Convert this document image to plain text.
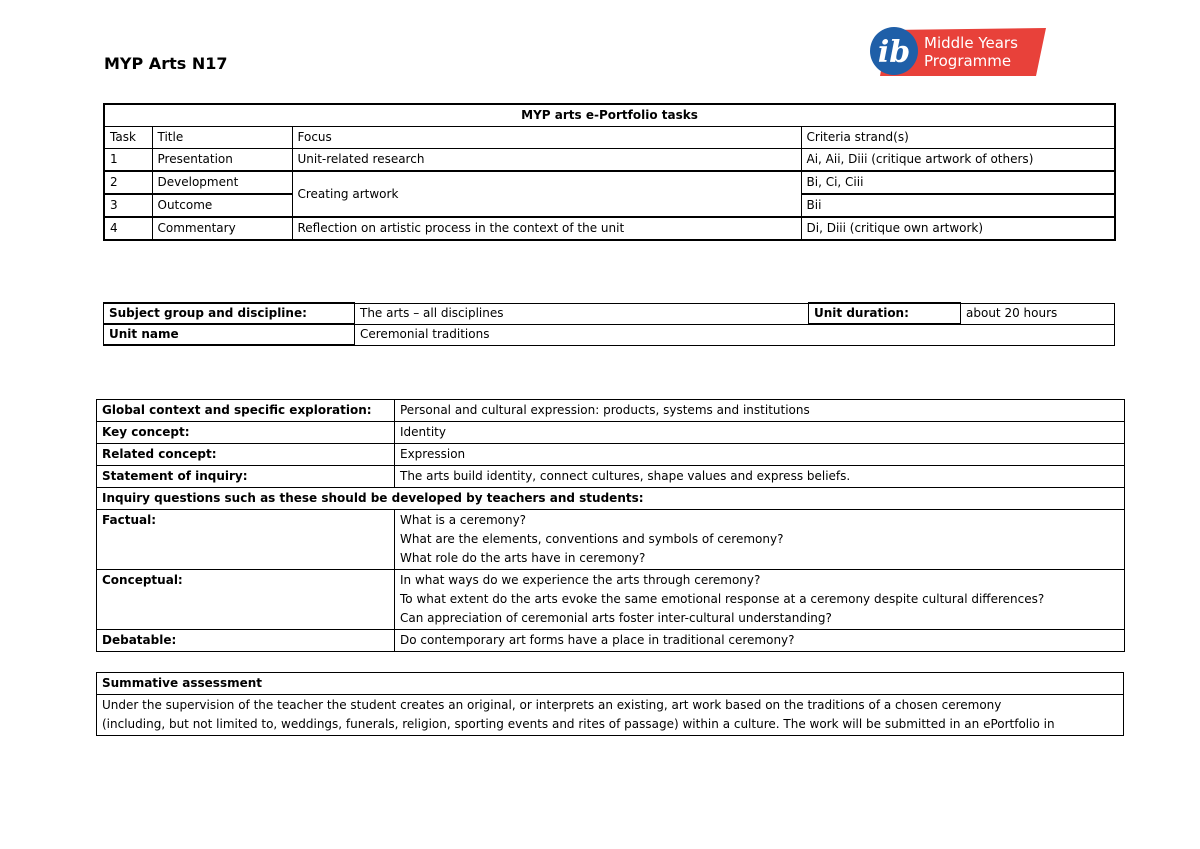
MYP Arts N17	ib Middle Years
Programme
MYP arts e-Portfolio tasks			
Task	Title	Focus	Criteria strand(s)
1	Presentation	Unit-related research	Ai, Aii, Diii (critique artwork of others)
2	Development	Creating artwork	Bi, Ci, Ciii
3	Outcome		Bii
4	Commentary	Reflection on artistic process in the context of the unit	Di, Diii (critique own artwork)
Subject group and discipline:	The arts – all disciplines	Unit duration:	about 20 hours
Unit name	Ceremonial traditions		
Global context and specific exploration:	Personal and cultural expression: products, systems and institutions
Key concept:	Identity
Related concept:	Expression
Statement of inquiry:	The arts build identity, connect cultures, shape values and express beliefs.
Inquiry questions such as these should be developed by teachers and students:	
Factual:	What is a ceremony?
What are the elements, conventions and symbols of ceremony?
What role do the arts have in ceremony?

Conceptual:	In what ways do we experience the arts through ceremony?
To what extent do the arts evoke the same emotional response at a ceremony despite cultural differences?
Can appreciation of ceremonial arts foster inter-cultural understanding?

Debatable:	Do contemporary art forms have a place in traditional ceremony?
Summative assessment

Under the supervision of the teacher the student creates an original, or interprets an existing, art work based on the traditions of a chosen ceremony
(including, but not limited to, weddings, funerals, religion, sporting events and rites of passage) within a culture. The work will be submitted in an ePortfolio in
